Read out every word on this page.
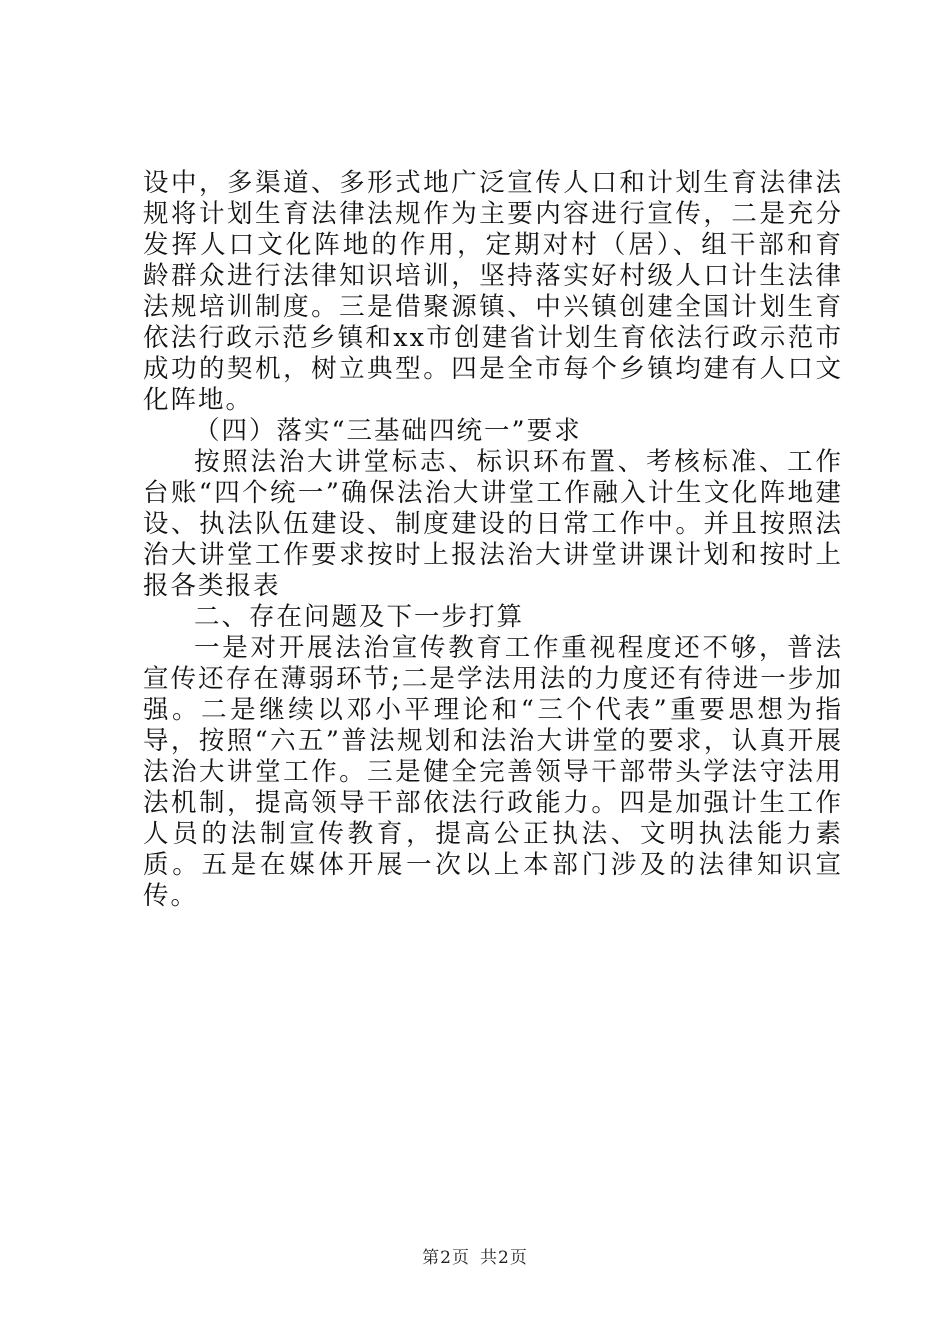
设中，多渠道、多形式地广泛宣传人口和计划生育法律法规将计划生育法律法规作为主要内容进行宣传，二是充分发挥人口文化阵地的作用，定期对村（居）、组干部和育龄群众进行法律知识培训，坚持落实好村级人口计生法律法规培训制度。三是借聚源镇、中兴镇创建全国计划生育依法行政示范乡镇和xx市创建省计划生育依法行政示范市成功的契机，树立典型。四是全市每个乡镇均建有人口文化阵地。

（四）落实“三基础四统一”要求

按照法治大讲堂标志、标识环布置、考核标准、工作台账“四个统一”确保法治大讲堂工作融入计生文化阵地建设、执法队伍建设、制度建设的日常工作中。并且按照法治大讲堂工作要求按时上报法治大讲堂讲课计划和按时上报各类报表

二、存在问题及下一步打算

一是对开展法治宣传教育工作重视程度还不够，普法宣传还存在薄弱环节;二是学法用法的力度还有待进一步加强。二是继续以邓小平理论和“三个代表”重要思想为指导，按照“六五”普法规划和法治大讲堂的要求，认真开展法治大讲堂工作。三是健全完善领导干部带头学法守法用法机制，提高领导干部依法行政能力。四是加强计生工作人员的法制宣传教育，提高公正执法、文明执法能力素质。五是在媒体开展一次以上本部门涉及的法律知识宣传。

第2页 共2页
